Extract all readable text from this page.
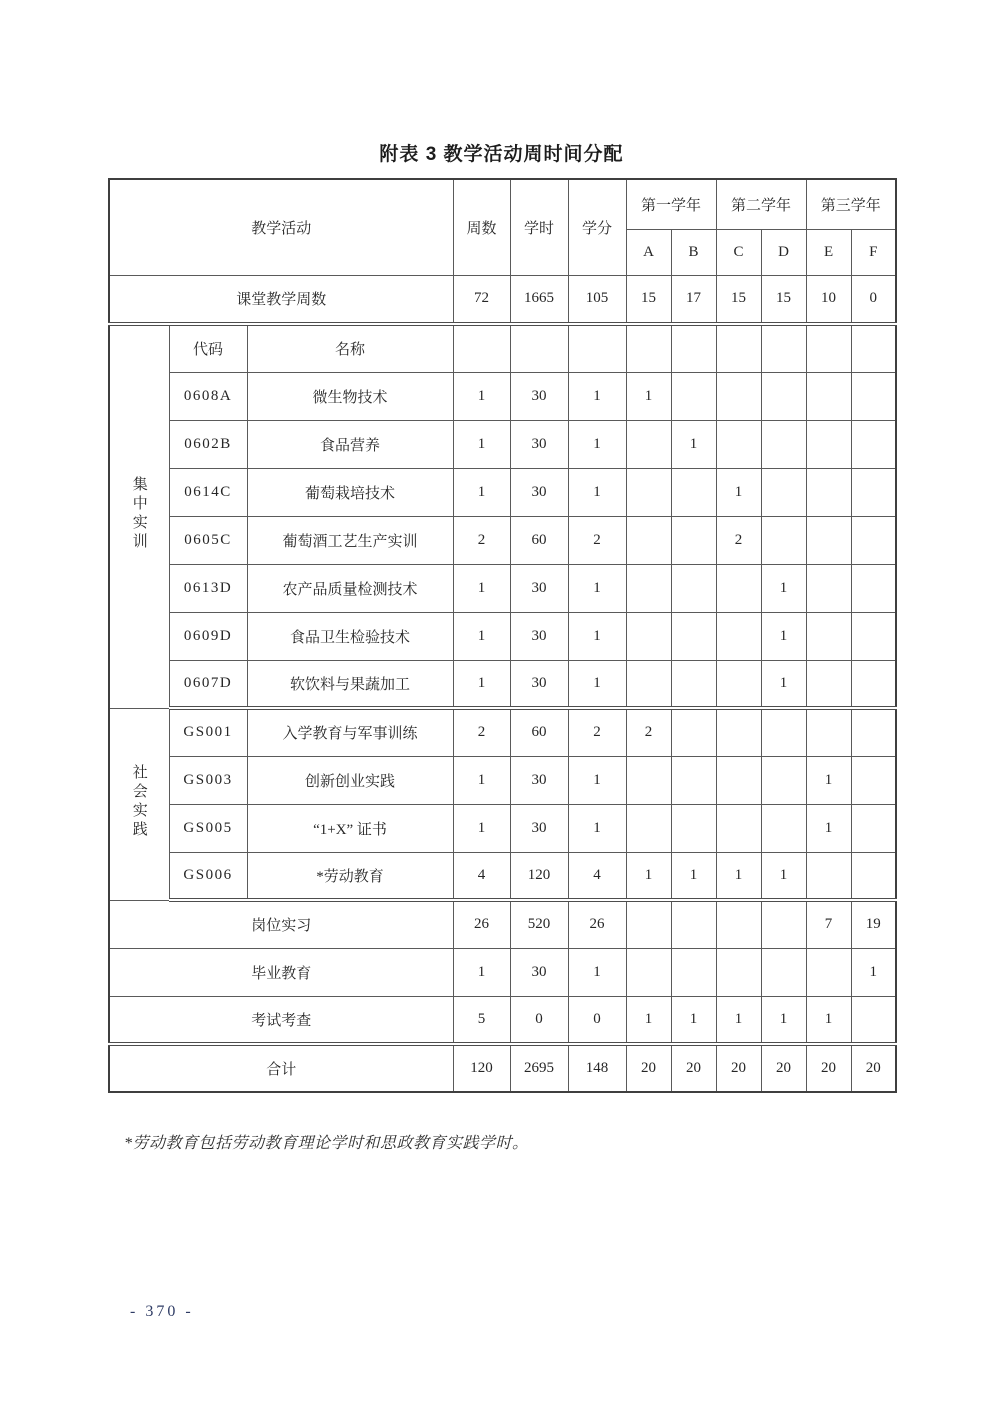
附表 3 教学活动周时间分配
教学活动			周数	学时	学分	第一学年		第二学年		第三学年	
						A	B	C	D	E	F
课堂教学周数			72	1665	105	15	17	15	15	10	0
集中实训	代码	名称									
	0608A	微生物技术	1	30	1	1					
	0602B	食品营养	1	30	1		1				
	0614C	葡萄栽培技术	1	30	1			1			
	0605C	葡萄酒工艺生产实训	2	60	2			2			
	0613D	农产品质量检测技术	1	30	1				1		
	0609D	食品卫生检验技术	1	30	1				1		
	0607D	软饮料与果蔬加工	1	30	1				1		
社会实践	GS001	入学教育与军事训练	2	60	2	2					
	GS003	创新创业实践	1	30	1					1	
	GS005	“1+X” 证书	1	30	1					1	
	GS006	*劳动教育	4	120	4	1	1	1	1		
岗位实习			26	520	26					7	19
毕业教育			1	30	1						1
考试考查			5	0	0	1	1	1	1	1	
合计			120	2695	148	20	20	20	20	20	20
*劳动教育包括劳动教育理论学时和思政教育实践学时。
- 370 -
